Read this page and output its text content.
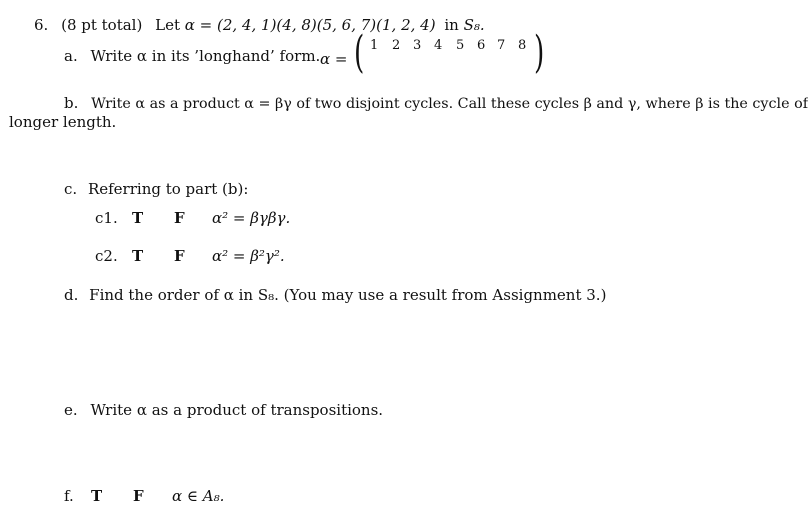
6. (8 pt total) Let α = (2, 4, 1)(4, 8)(5, 6, 7)(1, 2, 4) in S₈.
a. Write α in its ’longhand’ form. α = (	)
1 2 3 4 5 6 7 8
b. Write α as a product α = βγ of two disjoint cycles. Call these cycles β and γ, where β is the cycle of
longer length.
c. Referring to part (b):
c1. T F α² = βγβγ.
c2. T F α² = β²γ².
d. Find the order of α in S₈. (You may use a result from Assignment 3.)
e. Write α as a product of transpositions.
f. T F α ∈ A₈.
